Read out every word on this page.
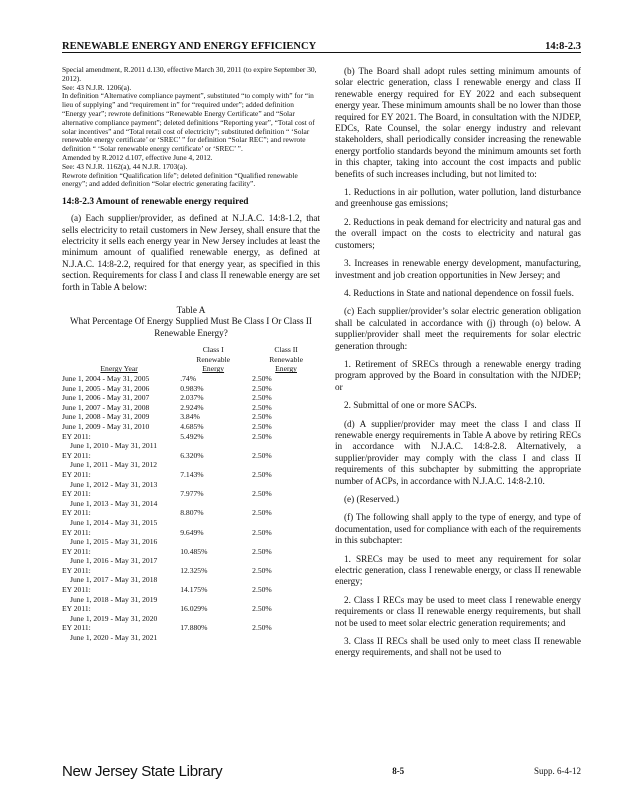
RENEWABLE ENERGY AND ENERGY EFFICIENCY	14:8-2.3

Special amendment, R.2011 d.130, effective March 30, 2011 (to expire September 30, 2012).

See: 43 N.J.R. 1206(a).

In definition “Alternative compliance payment”, substituted “to comply with” for “in lieu of supplying” and “requirement in” for “required under”; added definition “Energy year”; rewrote definitions “Renewable Energy Certificate” and “Solar alternative compliance payment”; deleted definitions “Reporting year”, “Total cost of solar incentives” and “Total retail cost of electricity”; substituted definition “ ‘Solar renewable energy certificate’ or ‘SREC’ ” for definition “Solar REC”; and rewrote definition “ ‘Solar renewable energy certificate’ or ‘SREC’ ”.

Amended by R.2012 d.107, effective June 4, 2012.

See: 43 N.J.R. 1162(a), 44 N.J.R. 1703(a).

Rewrote definition “Qualification life”; deleted definition “Qualified renewable energy”; and added definition “Solar electric generating facility”.

14:8-2.3 Amount of renewable energy required

(a) Each supplier/provider, as defined at N.J.A.C. 14:8-1.2, that sells electricity to retail customers in New Jersey, shall ensure that the electricity it sells each energy year in New Jersey includes at least the minimum amount of qualified renewable energy, as defined at N.J.A.C. 14:8-2.2, required for that energy year, as specified in this section. Requirements for class I and class II renewable energy are set forth in Table A below:

Table A
What Percentage Of Energy Supplied Must Be Class I Or Class II Renewable Energy?
	Class I	Class II
	Renewable	Renewable
Energy Year	Energy	Energy

June 1, 2004 - May 31, 2005	.74%	2.50%

June 1, 2005 - May 31, 2006	0.983%	2.50%

June 1, 2006 - May 31, 2007	2.037%	2.50%

June 1, 2007 - May 31, 2008	2.924%	2.50%

June 1, 2008 - May 31, 2009	3.84%	2.50%

June 1, 2009 - May 31, 2010	4.685%	2.50%

EY 2011:
June 1, 2010 - May 31, 2011	5.492%	2.50%

EY 2011:
June 1, 2011 - May 31, 2012	6.320%	2.50%

EY 2011:
June 1, 2012 - May 31, 2013	7.143%	2.50%

EY 2011:
June 1, 2013 - May 31, 2014	7.977%	2.50%

EY 2011:
June 1, 2014 - May 31, 2015	8.807%	2.50%

EY 2011:
June 1, 2015 - May 31, 2016	9.649%	2.50%

EY 2011:
June 1, 2016 - May 31, 2017	10.485%	2.50%

EY 2011:
June 1, 2017 - May 31, 2018	12.325%	2.50%

EY 2011:
June 1, 2018 - May 31, 2019	14.175%	2.50%

EY 2011:
June 1, 2019 - May 31, 2020	16.029%	2.50%

EY 2011:
June 1, 2020 - May 31, 2021	17.880%	2.50%

(b) The Board shall adopt rules setting minimum amounts of solar electric generation, class I renewable energy and class II renewable energy required for EY 2022 and each subsequent energy year. These minimum amounts shall be no lower than those required for EY 2021. The Board, in consultation with the NJDEP, EDCs, Rate Counsel, the solar energy industry and relevant stakeholders, shall periodically consider increasing the renewable energy portfolio standards beyond the minimum amounts set forth in this chapter, taking into account the cost impacts and public benefits of such increases including, but not limited to:

1. Reductions in air pollution, water pollution, land disturbance and greenhouse gas emissions;

2. Reductions in peak demand for electricity and natural gas and the overall impact on the costs to electricity and natural gas customers;

3. Increases in renewable energy development, manufacturing, investment and job creation opportunities in New Jersey; and

4. Reductions in State and national dependence on fossil fuels.

(c) Each supplier/provider’s solar electric generation obligation shall be calculated in accordance with (j) through (o) below. A supplier/provider shall meet the requirements for solar electric generation through:

1. Retirement of SRECs through a renewable energy trading program approved by the Board in consultation with the NJDEP; or

2. Submittal of one or more SACPs.

(d) A supplier/provider may meet the class I and class II renewable energy requirements in Table A above by retiring RECs in accordance with N.J.A.C. 14:8-2.8. Alternatively, a supplier/provider may comply with the class I and class II requirements of this subchapter by submitting the appropriate number of ACPs, in accordance with N.J.A.C. 14:8-2.10.

(e) (Reserved.)

(f) The following shall apply to the type of energy, and type of documentation, used for compliance with each of the requirements in this subchapter:

1. SRECs may be used to meet any requirement for solar electric generation, class I renewable energy, or class II renewable energy;

2. Class I RECs may be used to meet class I renewable energy requirements or class II renewable energy requirements, but shall not be used to meet solar electric generation requirements; and

3. Class II RECs shall be used only to meet class II renewable energy requirements, and shall not be used to

New Jersey State Library	8-5	Supp. 6-4-12
